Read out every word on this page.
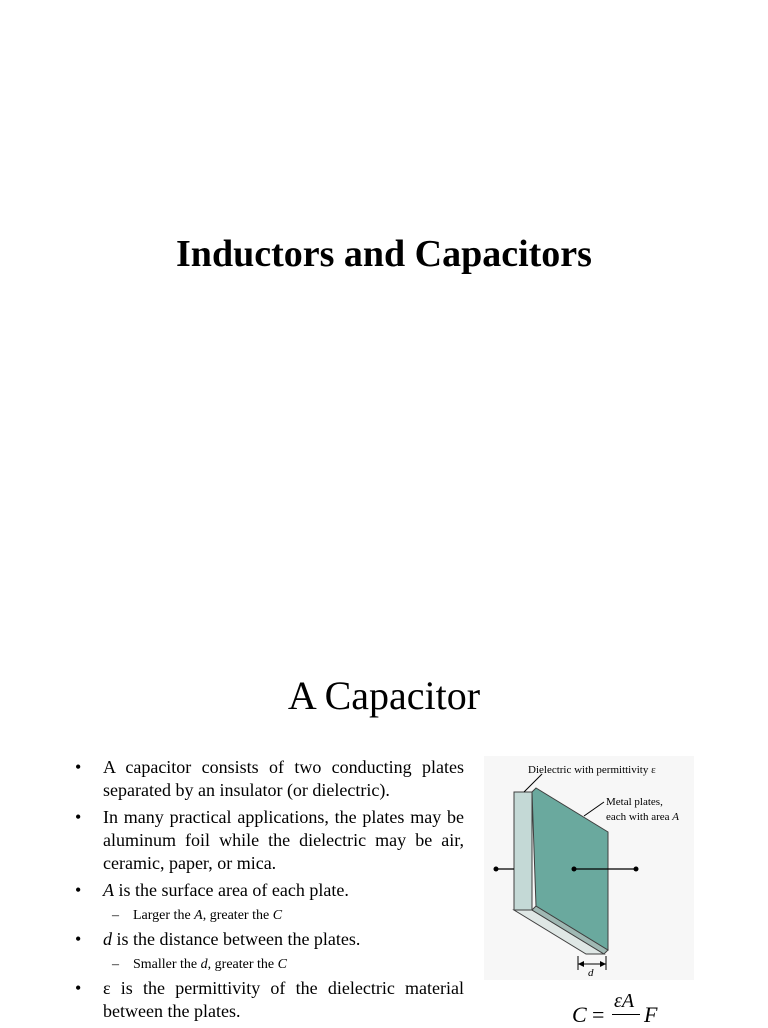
Inductors and Capacitors
A Capacitor
• A capacitor consists of two conducting plates separated by an insulator (or dielectric).
• In many practical applications, the plates may be aluminum foil while the dielectric may be air, ceramic, paper, or mica.
• A is the surface area of each plate.
– Larger the A, greater the C
• d is the distance between the plates.
– Smaller the d, greater the C
• ε is the permittivity of the dielectric material between the plates.
Dielectric with permittivity ε
Metal plates,
each with area A
d
C =
εA
F
